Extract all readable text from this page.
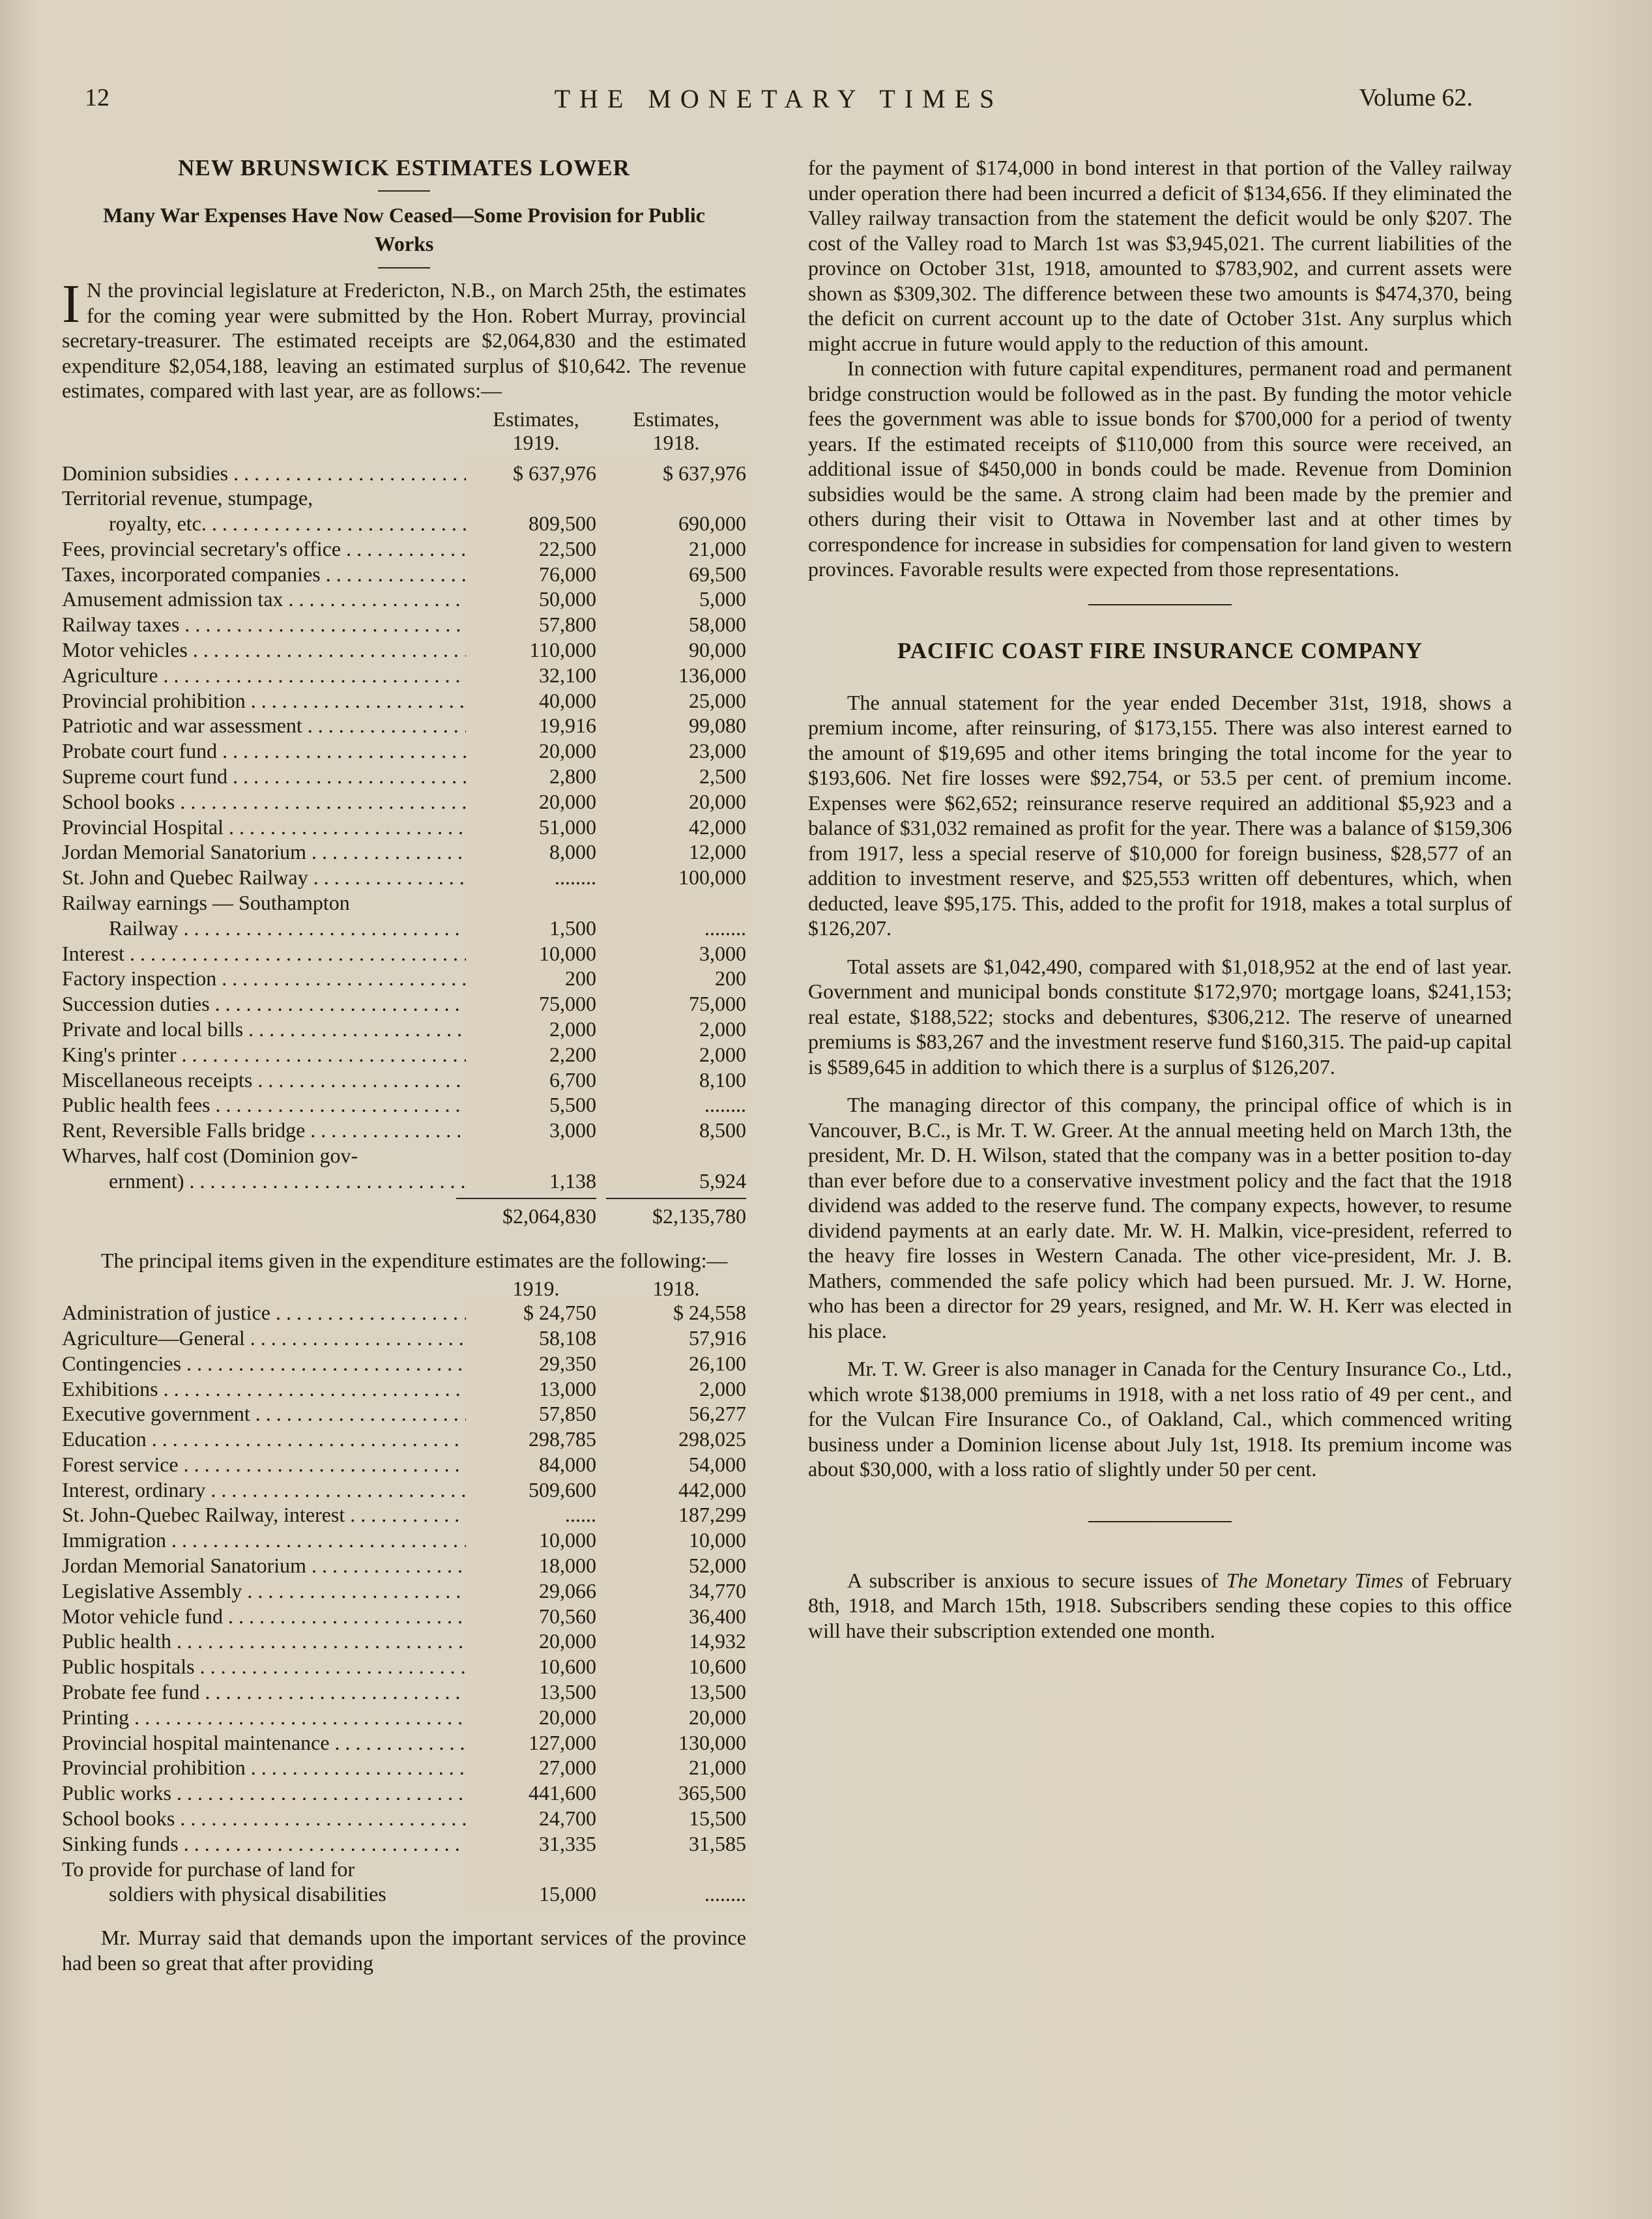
12	THE MONETARY TIMES	Volume 62.
NEW BRUNSWICK ESTIMATES LOWER
Many War Expenses Have Now Ceased—Some Provision for Public Works

I N the provincial legislature at Fredericton, N.B., on March 25th, the estimates for the coming year were submitted by the Hon. Robert Murray, provincial secretary-treasurer. The estimated receipts are $2,064,830 and the estimated expenditure $2,054,188, leaving an estimated surplus of $10,642. The revenue estimates, compared with last year, are as follows:—

Estimates,
1919.
Estimates,
1918.
Dominion subsidies . . .	$ 637,976	$ 637,976
Territorial revenue, stumpage,
royalty, etc. . . .	809,500	690,000
Fees, provincial secretary's office . . .	22,500	21,000
Taxes, incorporated companies . . .	76,000	69,500
Amusement admission tax . . .	50,000	5,000
Railway taxes . . .	57,800	58,000
Motor vehicles . . .	110,000	90,000
Agriculture . . .	32,100	136,000
Provincial prohibition . . .	40,000	25,000
Patriotic and war assessment . . .	19,916	99,080
Probate court fund . . .	20,000	23,000
Supreme court fund . . .	2,800	2,500
School books . . .	20,000	20,000
Provincial Hospital . . .	51,000	42,000
Jordan Memorial Sanatorium . . .	8,000	12,000
St. John and Quebec Railway . . .	........	100,000
Railway earnings — Southampton
Railway . . .	1,500	........
Interest . . .	10,000	3,000
Factory inspection . . .	200	200
Succession duties . . .	75,000	75,000
Private and local bills . . .	2,000	2,000
King's printer . . .	2,200	2,000
Miscellaneous receipts . . .	6,700	8,100
Public health fees . . .	5,500	........
Rent, Reversible Falls bridge . . .	3,000	8,500
Wharves, half cost (Dominion gov-
ernment) . . .	1,138	5,924
$2,064,830	$2,135,780

The principal items given in the expenditure estimates are the following:—

1919.	1918.
Administration of justice . . .	$ 24,750	$ 24,558
Agriculture—General . . .	58,108	57,916
Contingencies . . .	29,350	26,100
Exhibitions . . .	13,000	2,000
Executive government . . .	57,850	56,277
Education . . .	298,785	298,025
Forest service . . .	84,000	54,000
Interest, ordinary . . .	509,600	442,000
St. John-Quebec Railway, interest . . .	......	187,299
Immigration . . .	10,000	10,000
Jordan Memorial Sanatorium . . .	18,000	52,000
Legislative Assembly . . .	29,066	34,770
Motor vehicle fund . . .	70,560	36,400
Public health . . .	20,000	14,932
Public hospitals . . .	10,600	10,600
Probate fee fund . . .	13,500	13,500
Printing . . .	20,000	20,000
Provincial hospital maintenance . . .	127,000	130,000
Provincial prohibition . . .	27,000	21,000
Public works . . .	441,600	365,500
School books . . .	24,700	15,500
Sinking funds . . .	31,335	31,585
To provide for purchase of land for
soldiers with physical disabilities	15,000	........

Mr. Murray said that demands upon the important services of the province had been so great that after providing

for the payment of $174,000 in bond interest in that portion of the Valley railway under operation there had been incurred a deficit of $134,656. If they eliminated the Valley railway transaction from the statement the deficit would be only $207. The cost of the Valley road to March 1st was $3,945,021. The current liabilities of the province on October 31st, 1918, amounted to $783,902, and current assets were shown as $309,302. The difference between these two amounts is $474,370, being the deficit on current account up to the date of October 31st. Any surplus which might accrue in future would apply to the reduction of this amount.

In connection with future capital expenditures, permanent road and permanent bridge construction would be followed as in the past. By funding the motor vehicle fees the government was able to issue bonds for $700,000 for a period of twenty years. If the estimated receipts of $110,000 from this source were received, an additional issue of $450,000 in bonds could be made. Revenue from Dominion subsidies would be the same. A strong claim had been made by the premier and others during their visit to Ottawa in November last and at other times by correspondence for increase in subsidies for compensation for land given to western provinces. Favorable results were expected from those representations.

PACIFIC COAST FIRE INSURANCE COMPANY

The annual statement for the year ended December 31st, 1918, shows a premium income, after reinsuring, of $173,155. There was also interest earned to the amount of $19,695 and other items bringing the total income for the year to $193,606. Net fire losses were $92,754, or 53.5 per cent. of premium income. Expenses were $62,652; reinsurance reserve required an additional $5,923 and a balance of $31,032 remained as profit for the year. There was a balance of $159,306 from 1917, less a special reserve of $10,000 for foreign business, $28,577 of an addition to investment reserve, and $25,553 written off debentures, which, when deducted, leave $95,175. This, added to the profit for 1918, makes a total surplus of $126,207.

Total assets are $1,042,490, compared with $1,018,952 at the end of last year. Government and municipal bonds constitute $172,970; mortgage loans, $241,153; real estate, $188,522; stocks and debentures, $306,212. The reserve of unearned premiums is $83,267 and the investment reserve fund $160,315. The paid-up capital is $589,645 in addition to which there is a surplus of $126,207.

The managing director of this company, the principal office of which is in Vancouver, B.C., is Mr. T. W. Greer. At the annual meeting held on March 13th, the president, Mr. D. H. Wilson, stated that the company was in a better position to-day than ever before due to a conservative investment policy and the fact that the 1918 dividend was added to the reserve fund. The company expects, however, to resume dividend payments at an early date. Mr. W. H. Malkin, vice-president, referred to the heavy fire losses in Western Canada. The other vice-president, Mr. J. B. Mathers, commended the safe policy which had been pursued. Mr. J. W. Horne, who has been a director for 29 years, resigned, and Mr. W. H. Kerr was elected in his place.

Mr. T. W. Greer is also manager in Canada for the Century Insurance Co., Ltd., which wrote $138,000 premiums in 1918, with a net loss ratio of 49 per cent., and for the Vulcan Fire Insurance Co., of Oakland, Cal., which commenced writing business under a Dominion license about July 1st, 1918. Its premium income was about $30,000, with a loss ratio of slightly under 50 per cent.

A subscriber is anxious to secure issues of The Monetary Times of February 8th, 1918, and March 15th, 1918. Subscribers sending these copies to this office will have their subscription extended one month.
